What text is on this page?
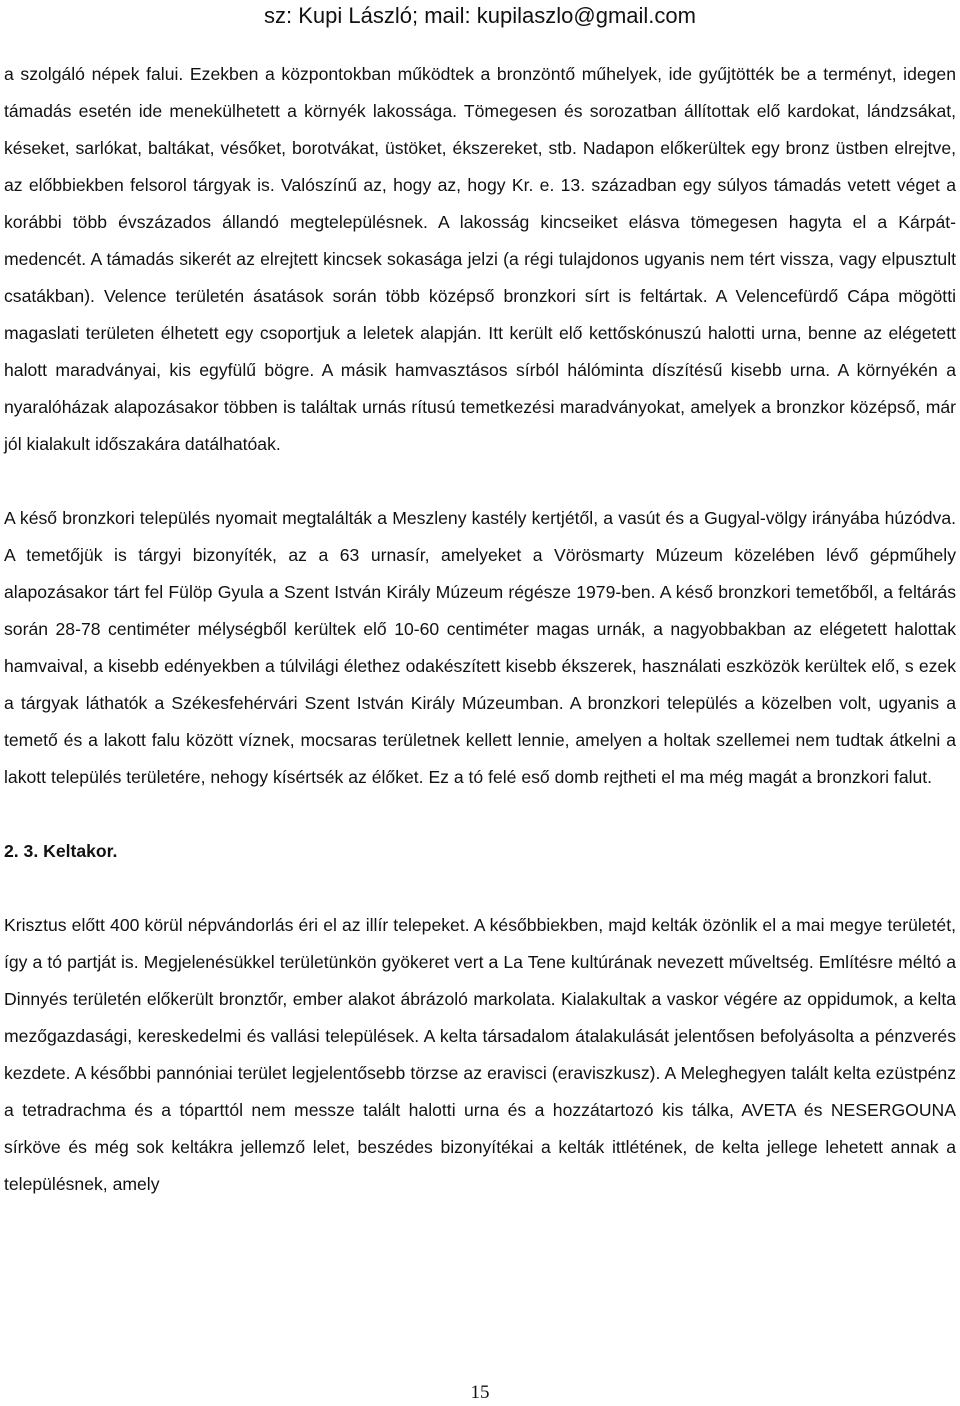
sz: Kupi László; mail: kupilaszlo@gmail.com

a szolgáló népek falui. Ezekben a központokban működtek a bronzöntő műhelyek, ide gyűjtötték be a terményt, idegen támadás esetén ide menekülhetett a környék lakossága. Tömegesen és sorozatban állítottak elő kardokat, lándzsákat, késeket, sarlókat, baltákat, vésőket, borotvákat, üstöket, ékszereket, stb. Nadapon előkerültek egy bronz üstben elrejtve, az előbbiekben felsorol tárgyak is. Valószínű az, hogy az, hogy Kr. e. 13. században egy súlyos támadás vetett véget a korábbi több évszázados állandó megtelepülésnek. A lakosság kincseiket elásva tömegesen hagyta el a Kárpát-medencét. A támadás sikerét az elrejtett kincsek sokasága jelzi (a régi tulajdonos ugyanis nem tért vissza, vagy elpusztult csatákban). Velence területén ásatások során több középső bronzkori sírt is feltártak. A Velencefürdő Cápa mögötti magaslati területen élhetett egy csoportjuk a leletek alapján. Itt került elő kettőskónuszú halotti urna, benne az elégetett halott maradványai, kis egyfülű bögre. A másik hamvasztásos sírból hálóminta díszítésű kisebb urna. A környékén a nyaralóházak alapozásakor többen is találtak urnás rítusú temetkezési maradványokat, amelyek a bronzkor középső, már jól kialakult időszakára datálhatóak.

A késő bronzkori település nyomait megtalálták a Meszleny kastély kertjétől, a vasút és a Gugyal-völgy irányába húzódva. A temetőjük is tárgyi bizonyíték, az a 63 urnasír, amelyeket a Vörösmarty Múzeum közelében lévő gépműhely alapozásakor tárt fel Fülöp Gyula a Szent István Király Múzeum régésze 1979-ben. A késő bronzkori temetőből, a feltárás során 28-78 centiméter mélységből kerültek elő 10-60 centiméter magas urnák, a nagyobbakban az elégetett halottak hamvaival, a kisebb edényekben a túlvilági élethez odakészített kisebb ékszerek, használati eszközök kerültek elő, s ezek a tárgyak láthatók a Székesfehérvári Szent István Király Múzeumban. A bronzkori település a közelben volt, ugyanis a temető és a lakott falu között víznek, mocsaras területnek kellett lennie, amelyen a holtak szellemei nem tudtak átkelni a lakott település területére, nehogy kísértsék az élőket. Ez a tó felé eső domb rejtheti el ma még magát a bronzkori falut.

2. 3. Keltakor.

Krisztus előtt 400 körül népvándorlás éri el az illír telepeket. A későbbiekben, majd kelták özönlik el a mai megye területét, így a tó partját is. Megjelenésükkel területünkön gyökeret vert a La Tene kultúrának nevezett műveltség. Említésre méltó a Dinnyés területén előkerült bronztőr, ember alakot ábrázoló markolata. Kialakultak a vaskor végére az oppidumok, a kelta mezőgazdasági, kereskedelmi és vallási települések. A kelta társadalom átalakulását jelentősen befolyásolta a pénzverés kezdete. A későbbi pannóniai terület legjelentősebb törzse az eravisci (eraviszkusz). A Meleghegyen talált kelta ezüstpénz a tetradrachma és a tóparttól nem messze talált halotti urna és a hozzátartozó kis tálka, AVETA és NESERGOUNA sírköve és még sok keltákra jellemző lelet, beszédes bizonyítékai a kelták ittlétének, de kelta jellege lehetett annak a településnek, amely

15
